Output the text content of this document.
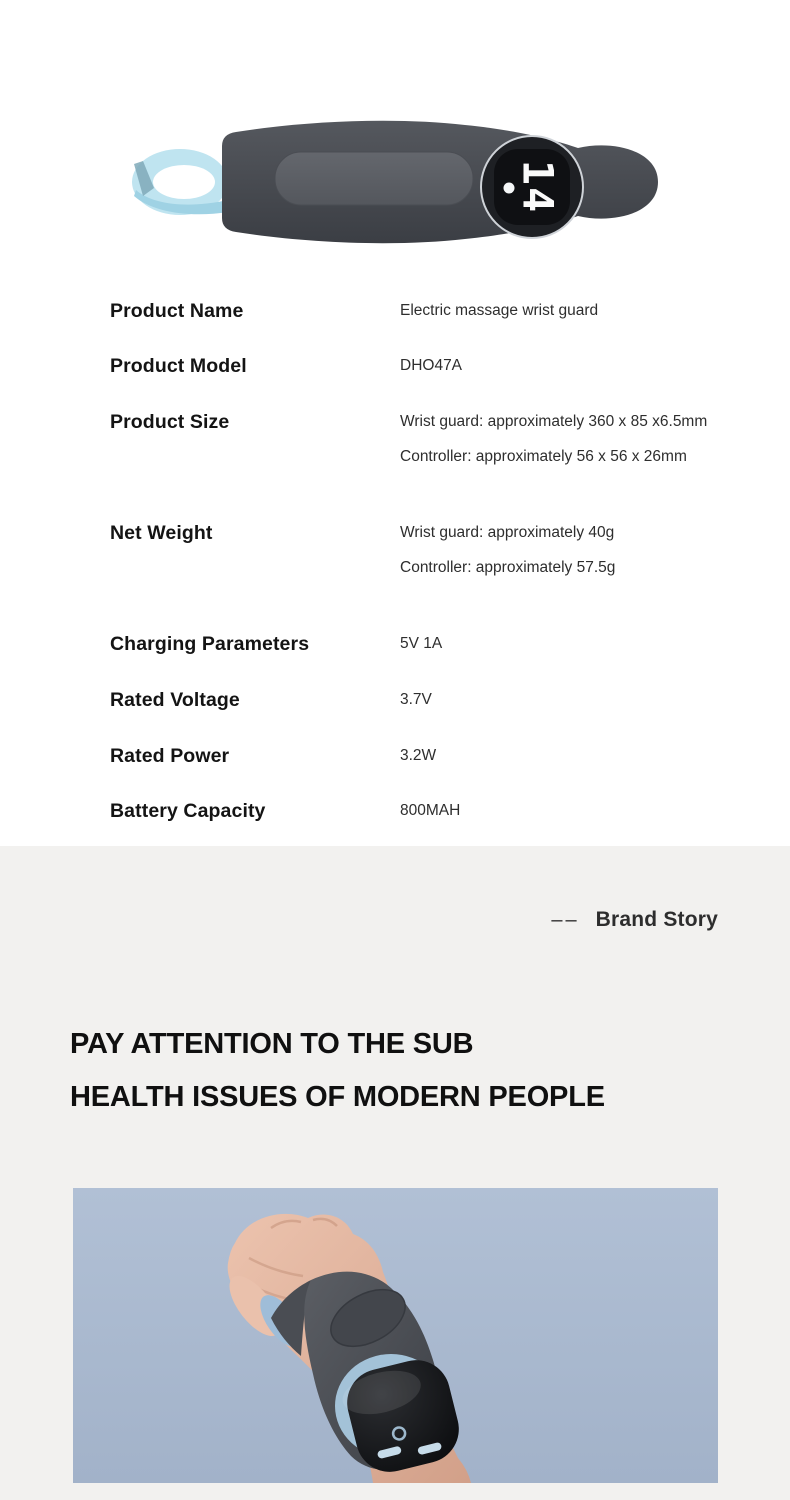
14
Product Name	Electric massage wrist guard
Product Model	DHO47A
Product Size	Wrist guard: approximately 360 x 85 x6.5mm
Controller: approximately 56 x 56 x 26mm
Net Weight	Wrist guard: approximately 40g
Controller: approximately 57.5g
Charging Parameters	5V 1A
Rated Voltage	3.7V
Rated Power	3.2W
Battery Capacity	800MAH
–– Brand Story
PAY ATTENTION TO THE SUB
HEALTH ISSUES OF MODERN PEOPLE
